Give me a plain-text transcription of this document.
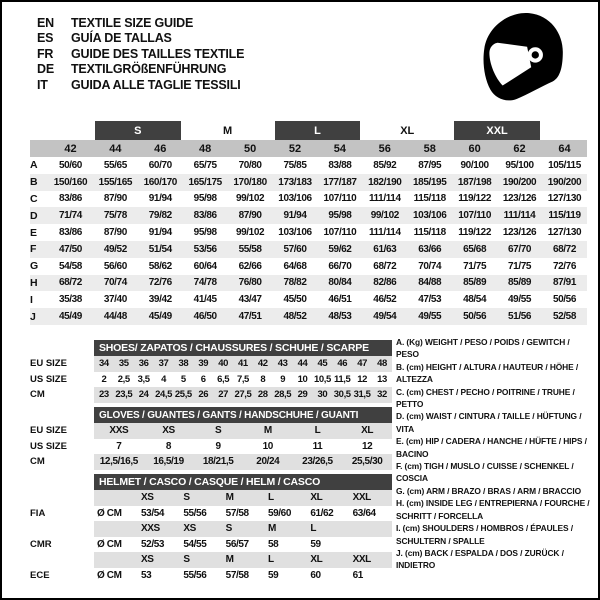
EN	TEXTILE SIZE GUIDE
ES	GUÍA DE TALLAS
FR	GUIDE DES TAILLES TEXTILE
DE	TEXTILGRÖßENFÜHRUNG
IT	GUIDA ALLE TAGLIE TESSILI
		S		M		L		XL		XXL		
	42	44	46	48	50	52	54	56	58	60	62	64
A	50/60	55/65	60/70	65/75	70/80	75/85	83/88	85/92	87/95	90/100	95/100	105/115
B	150/160	155/165	160/170	165/175	170/180	173/183	177/187	182/190	185/195	187/198	190/200	190/200
C	83/86	87/90	91/94	95/98	99/102	103/106	107/110	111/114	115/118	119/122	123/126	127/130
D	71/74	75/78	79/82	83/86	87/90	91/94	95/98	99/102	103/106	107/110	111/114	115/119
E	83/86	87/90	91/94	95/98	99/102	103/106	107/110	111/114	115/118	119/122	123/126	127/130
F	47/50	49/52	51/54	53/56	55/58	57/60	59/62	61/63	63/66	65/68	67/70	68/72
G	54/58	56/60	58/62	60/64	62/66	64/68	66/70	68/72	70/74	71/75	71/75	72/76
H	68/72	70/74	72/76	74/78	76/80	78/82	80/84	82/86	84/88	85/89	85/89	87/91
I	35/38	37/40	39/42	41/45	43/47	45/50	46/51	46/52	47/53	48/54	49/55	50/56
J	45/49	44/48	45/49	46/50	47/51	48/52	48/53	49/54	49/55	50/56	51/56	52/58
	SHOES/ ZAPATOS / CHAUSSURES / SCHUHE / SCARPE														
EU SIZE	34	35	36	37	38	39	40	41	42	43	44	45	46	47	48
US SIZE	2	2,5	3,5	4	5	6	6,5	7,5	8	9	10	10,5	11,5	12	13
CM	23	23,5	24	24,5	25,5	26	27	27,5	28	28,5	29	30	30,5	31,5	32
	GLOVES / GUANTES / GANTS / HANDSCHUHE / GUANTI					
EU SIZE	XXS	XS	S	M	L	XL
US SIZE	7	8	9	10	11	12
CM	12,5/16,5	16,5/19	18/21,5	20/24	23/26,5	25,5/30
	HELMET / CASCO / CASQUE / HELM / CASCO						
		XS	S	M	L	XL	XXL
FIA	Ø CM	53/54	55/56	57/58	59/60	61/62	63/64
		XXS	XS	S	M	L	
CMR	Ø CM	52/53	54/55	56/57	58	59	
		XS	S	M	L	XL	XXL
ECE	Ø CM	53	55/56	57/58	59	60	61
A. (Kg) WEIGHT / PESO / POIDS / GEWITCH / PESO
B. (cm) HEIGHT / ALTURA / HAUTEUR / HÖHE / ALTEZZA
C. (cm) CHEST / PECHO / POITRINE / TRUHE / PETTO
D. (cm) WAIST / CINTURA / TAILLE / HÜFTUNG / VITA
E. (cm) HIP / CADERA / HANCHE / HÜFTE / HIPS / BACINO
F. (cm) TIGH / MUSLO / CUISSE / SCHENKEL / COSCIA
G. (cm) ARM / BRAZO / BRAS / ARM / BRACCIO
H. (cm) INSIDE LEG / ENTREPIERNA / FOURCHE / SCHRITT / FORCELLA
I. (cm) SHOULDERS / HOMBROS / ÉPAULES / SCHULTERN / SPALLE
J. (cm) BACK / ESPALDA / DOS / ZURÜCK / INDIETRO
